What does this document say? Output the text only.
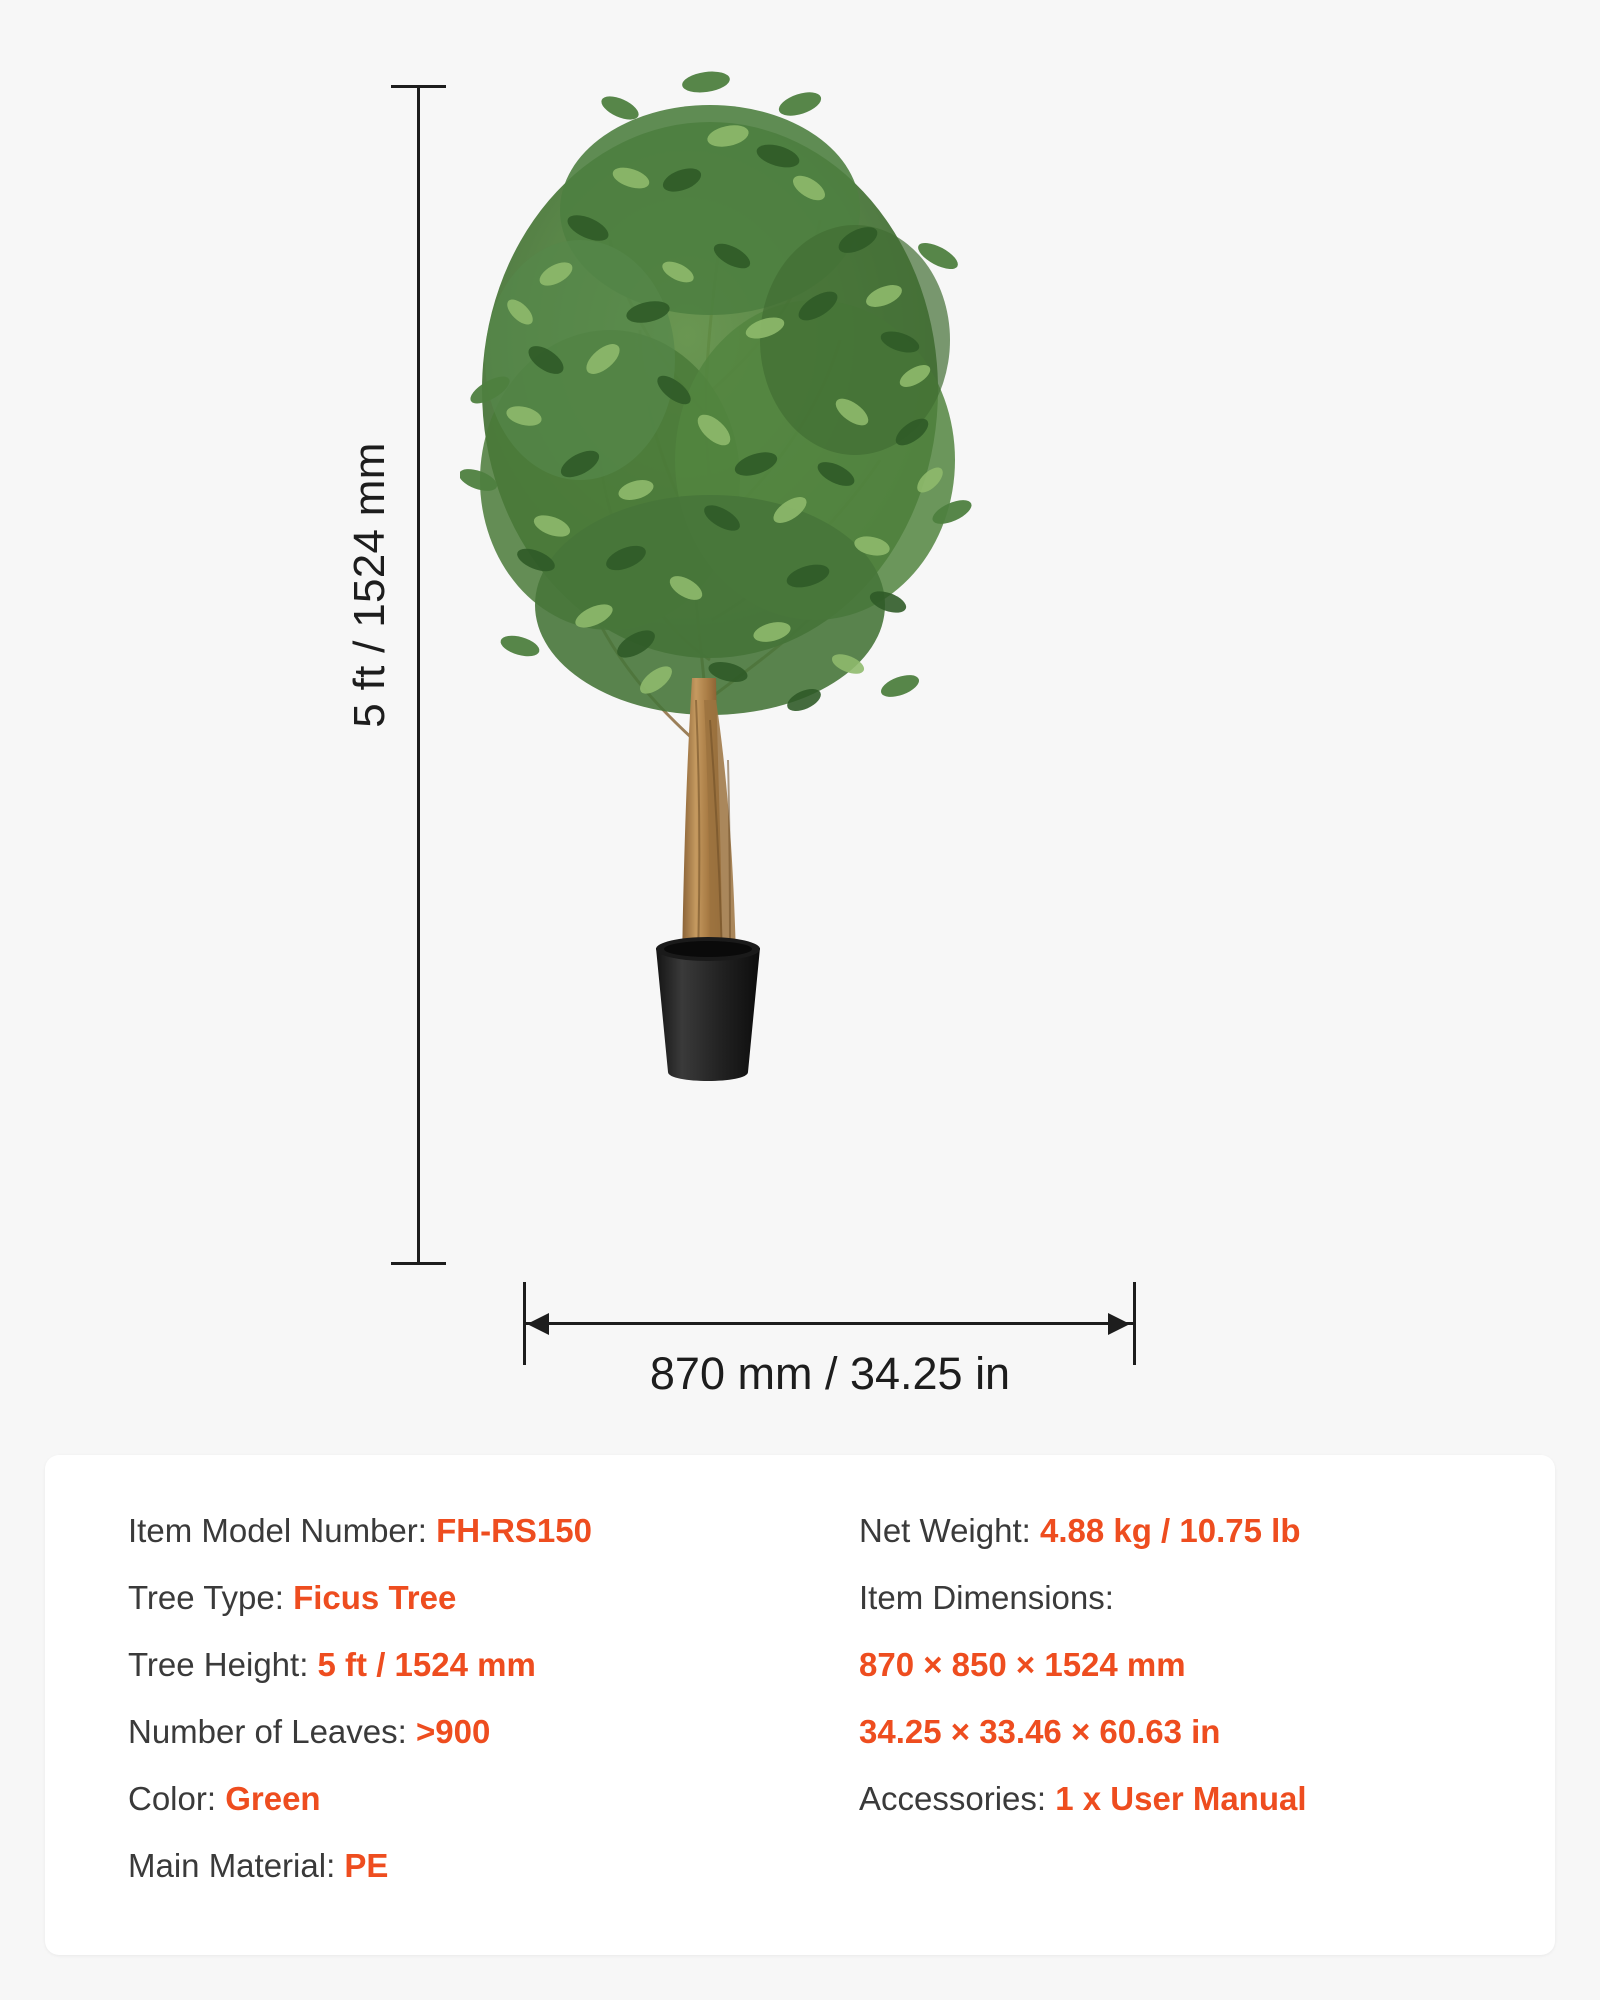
5 ft / 1524 mm
870 mm / 34.25 in
Item Model Number: FH-RS150
Tree Type: Ficus Tree
Tree Height: 5 ft / 1524 mm
Number of Leaves: >900
Color: Green
Main Material: PE
Net Weight: 4.88 kg / 10.75 lb
Item Dimensions:
870 × 850 × 1524 mm
34.25 × 33.46 × 60.63 in
Accessories: 1 x User Manual
